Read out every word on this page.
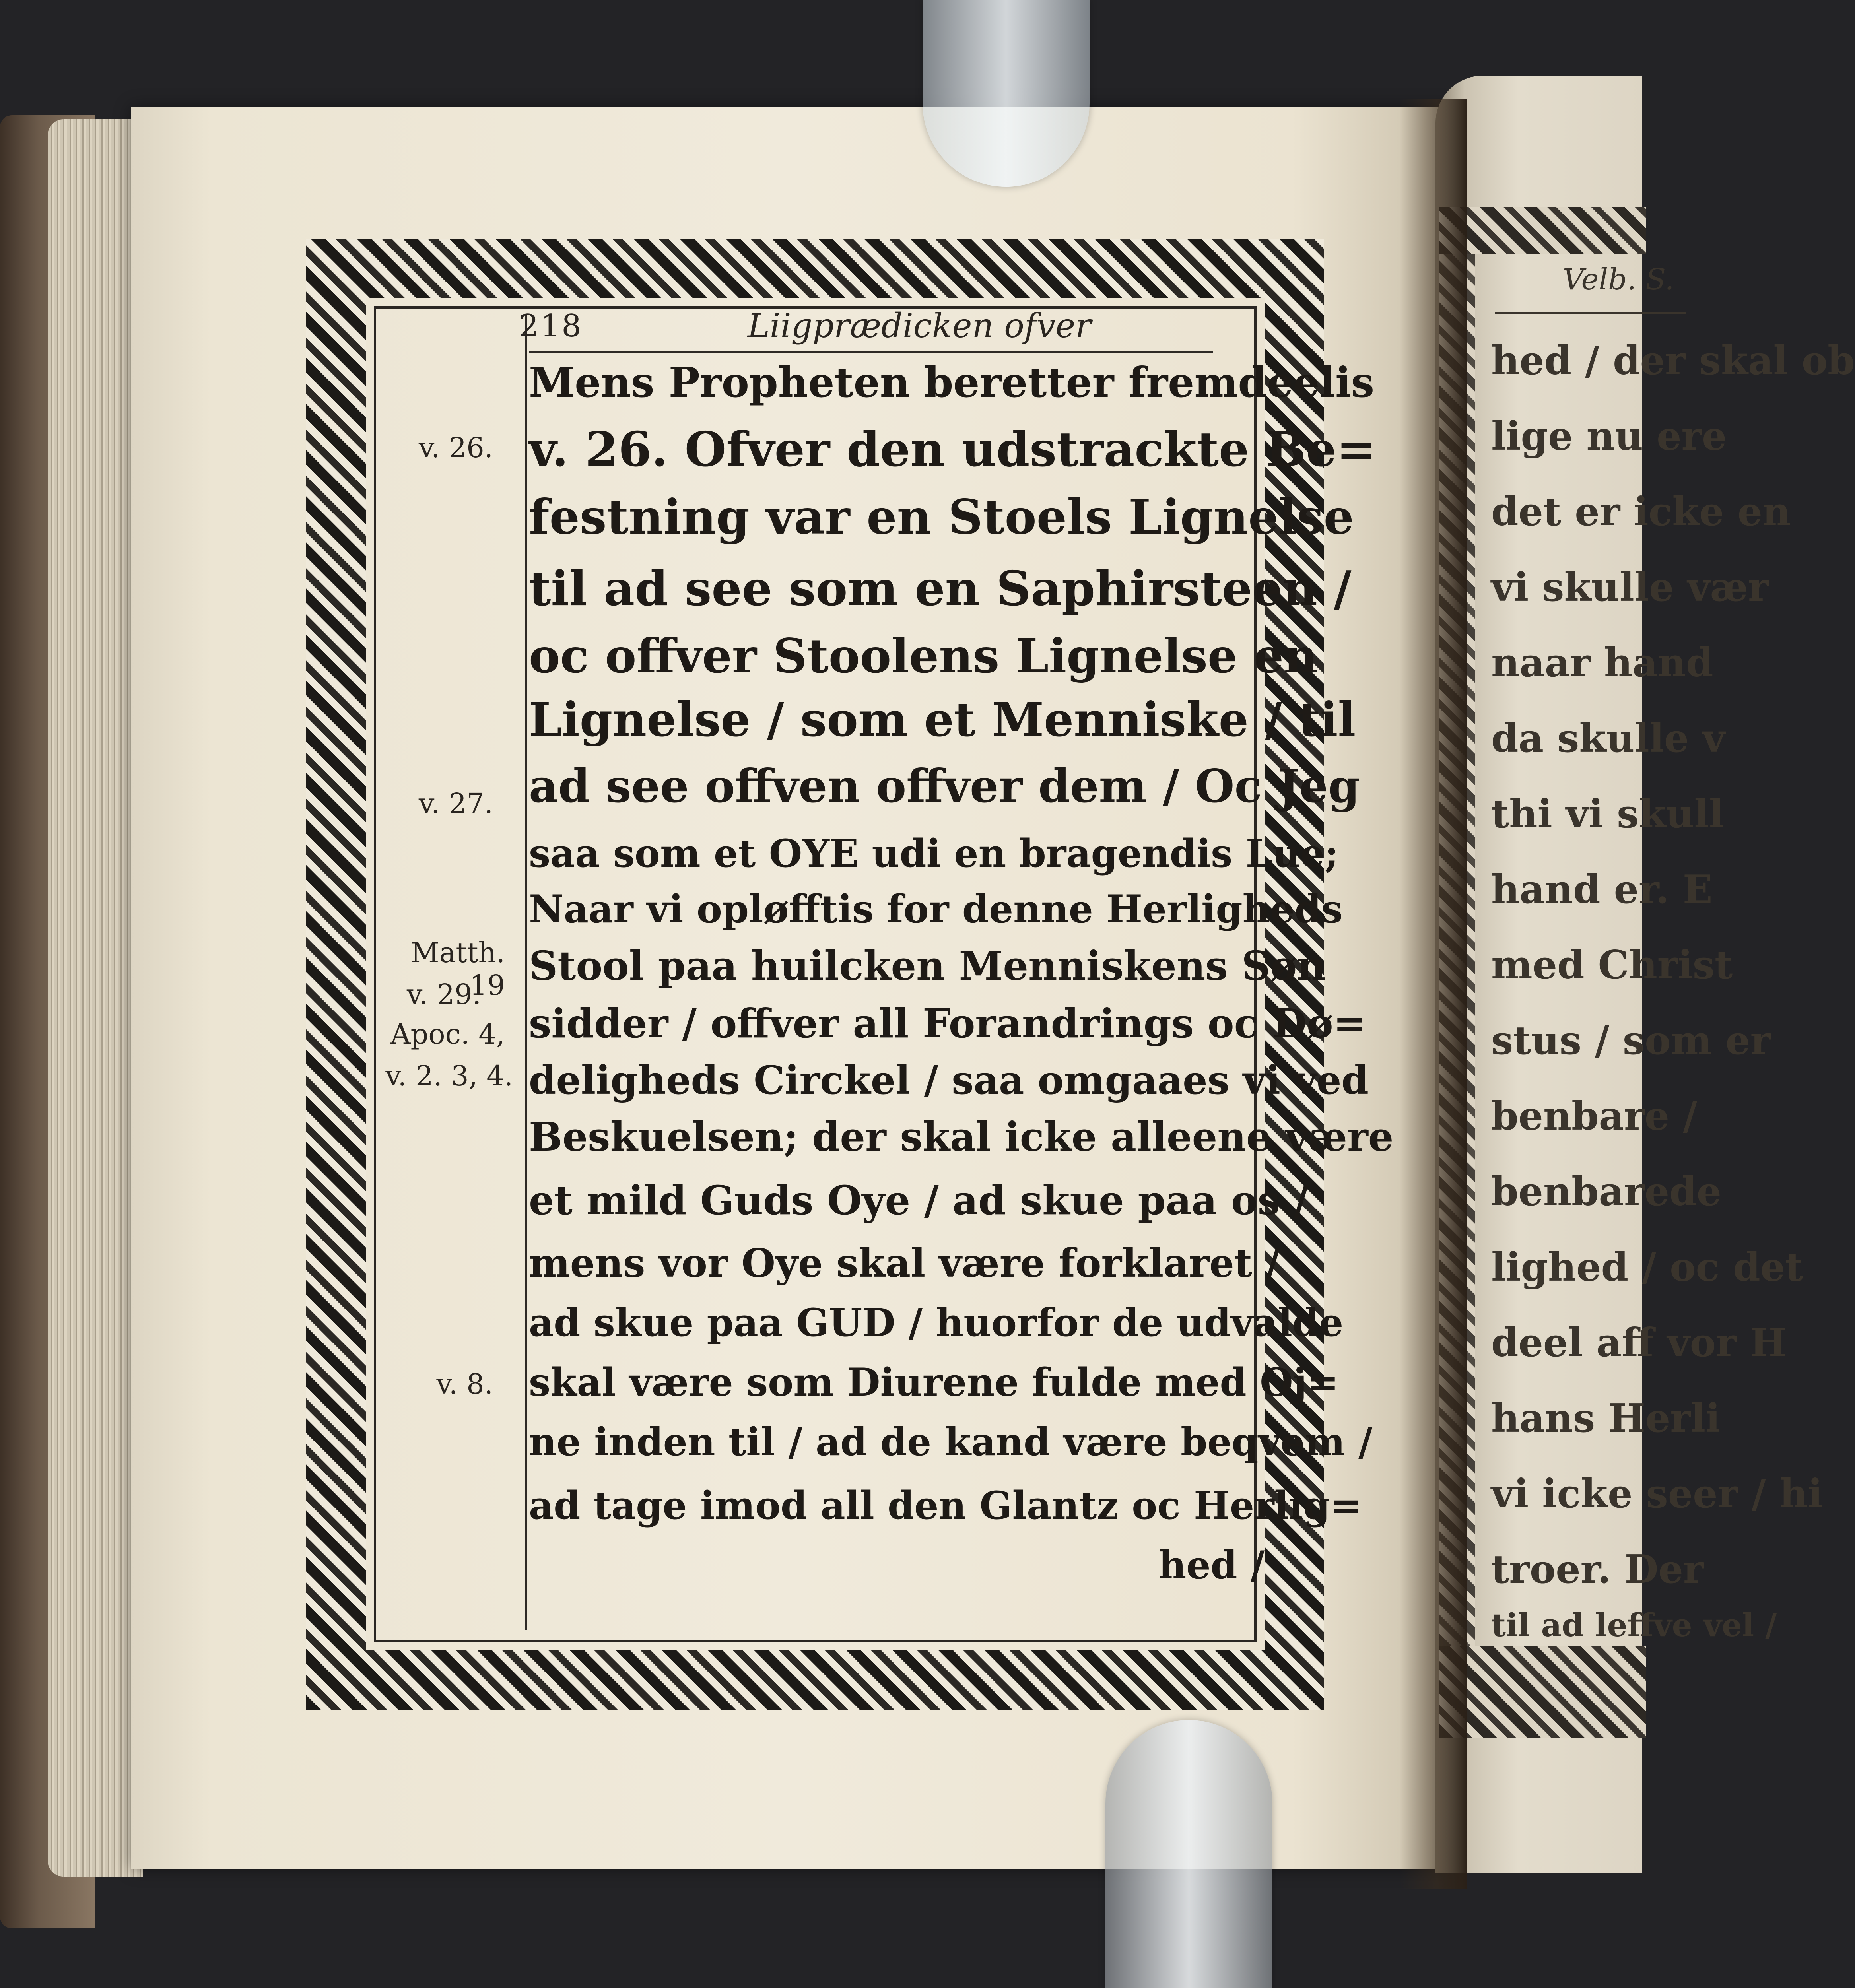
Velb. S.
hed / der skal ob
lige nu ere
det er icke en
vi skulle vær
naar hand
da skulle v
thi vi skull
hand er. E
med Christ
stus / som er
benbare /
benbarede
lighed / oc det
deel aff vor H
hans Herli
vi icke seer / hi
troer. Der
til ad leffve vel /
218	Liigprædicken ofver
v. 26.
v. 27.
Matth. 19
v. 29.
Apoc. 4,
v. 2. 3, 4.
v. 8.
Mens Propheten beretter fremdeelis
v. 26. Ofver den udstrackte Be=
festning var en Stoels Lignelse
til ad see som en Saphirsteen /
oc offver Stoolens Lignelse en
Lignelse / som et Menniske / til
ad see offven offver dem / Oc Jeg
saa som et OYE udi en bragendis Lue;
Naar vi opløfftis for denne Herligheds
Stool paa huilcken Menniskens Søn
sidder / offver all Forandrings oc Dø=
deligheds Circkel / saa omgaaes vi ved
Beskuelsen; der skal icke alleene være
et mild Guds Oye / ad skue paa os /
mens vor Oye skal være forklaret /
ad skue paa GUD / huorfor de udvalde
skal være som Diurene fulde med Oj=
ne inden til / ad de kand være beqvem /
ad tage imod all den Glantz oc Herlig=
hed /
